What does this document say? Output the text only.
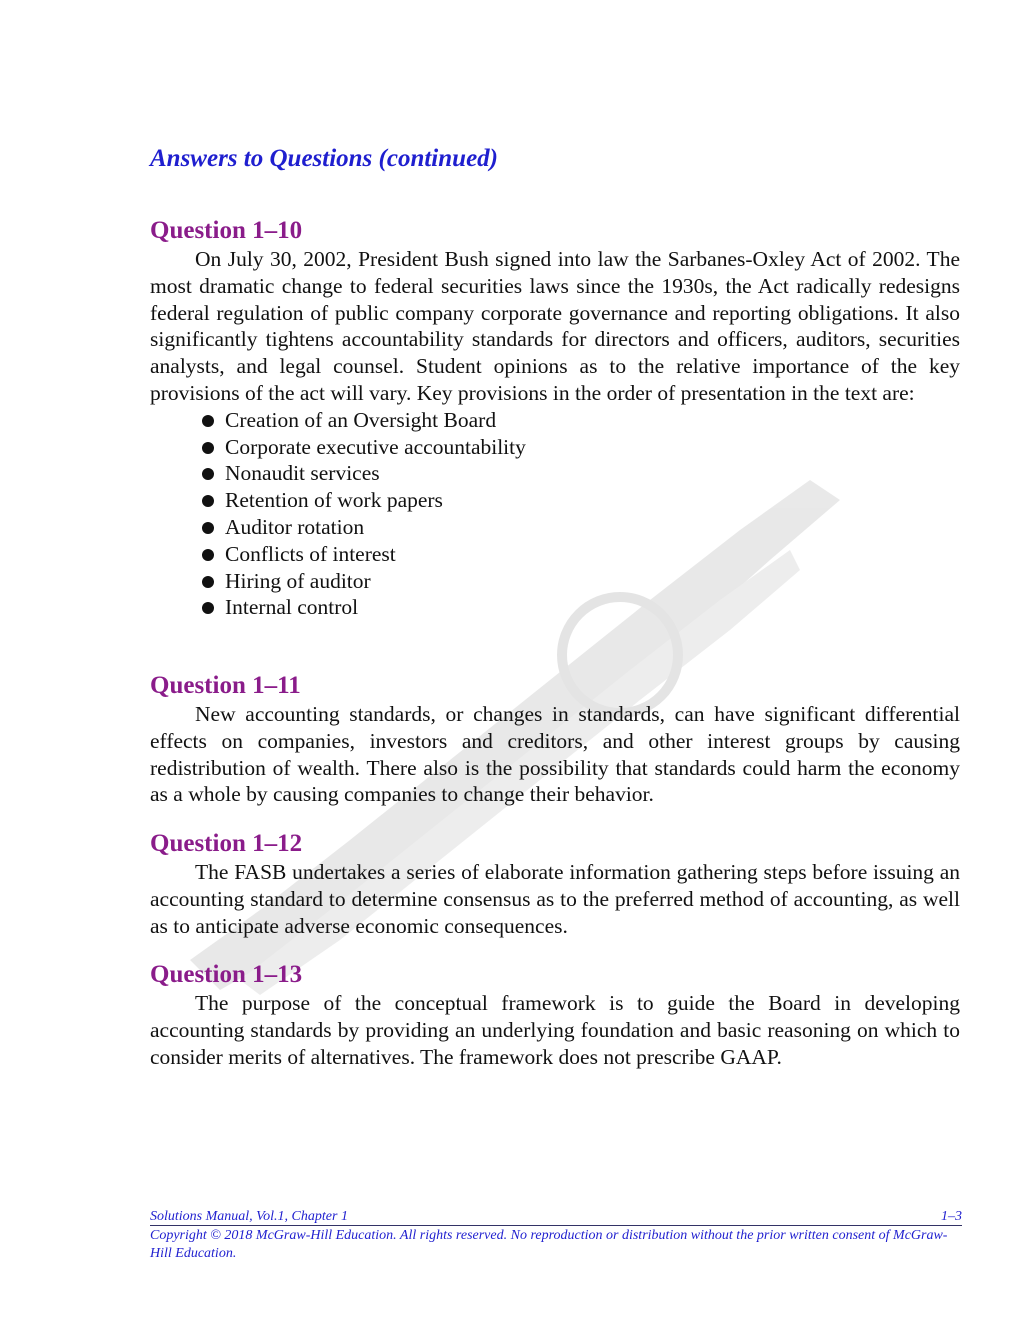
Answers to Questions (continued)
Question 1–10

On July 30, 2002, President Bush signed into law the Sarbanes-Oxley Act of 2002. The most dramatic change to federal securities laws since the 1930s, the Act radically redesigns federal regulation of public company corporate governance and reporting obligations. It also significantly tightens accountability standards for directors and officers, auditors, securities analysts, and legal counsel. Student opinions as to the relative importance of the key provisions of the act will vary. Key provisions in the order of presentation in the text are:

Creation of an Oversight Board
Corporate executive accountability
Nonaudit services
Retention of work papers
Auditor rotation
Conflicts of interest
Hiring of auditor
Internal control
Question 1–11

New accounting standards, or changes in standards, can have significant differential effects on companies, investors and creditors, and other interest groups by causing redistribution of wealth. There also is the possibility that standards could harm the economy as a whole by causing companies to change their behavior.

Question 1–12

The FASB undertakes a series of elaborate information gathering steps before issuing an accounting standard to determine consensus as to the preferred method of accounting, as well as to anticipate adverse economic consequences.

Question 1–13

The purpose of the conceptual framework is to guide the Board in developing accounting standards by providing an underlying foundation and basic reasoning on which to consider merits of alternatives. The framework does not prescribe GAAP.

Solutions Manual, Vol.1, Chapter 1	1–3

Copyright © 2018 McGraw-Hill Education. All rights reserved. No reproduction or distribution without the prior written consent of McGraw-Hill Education.
